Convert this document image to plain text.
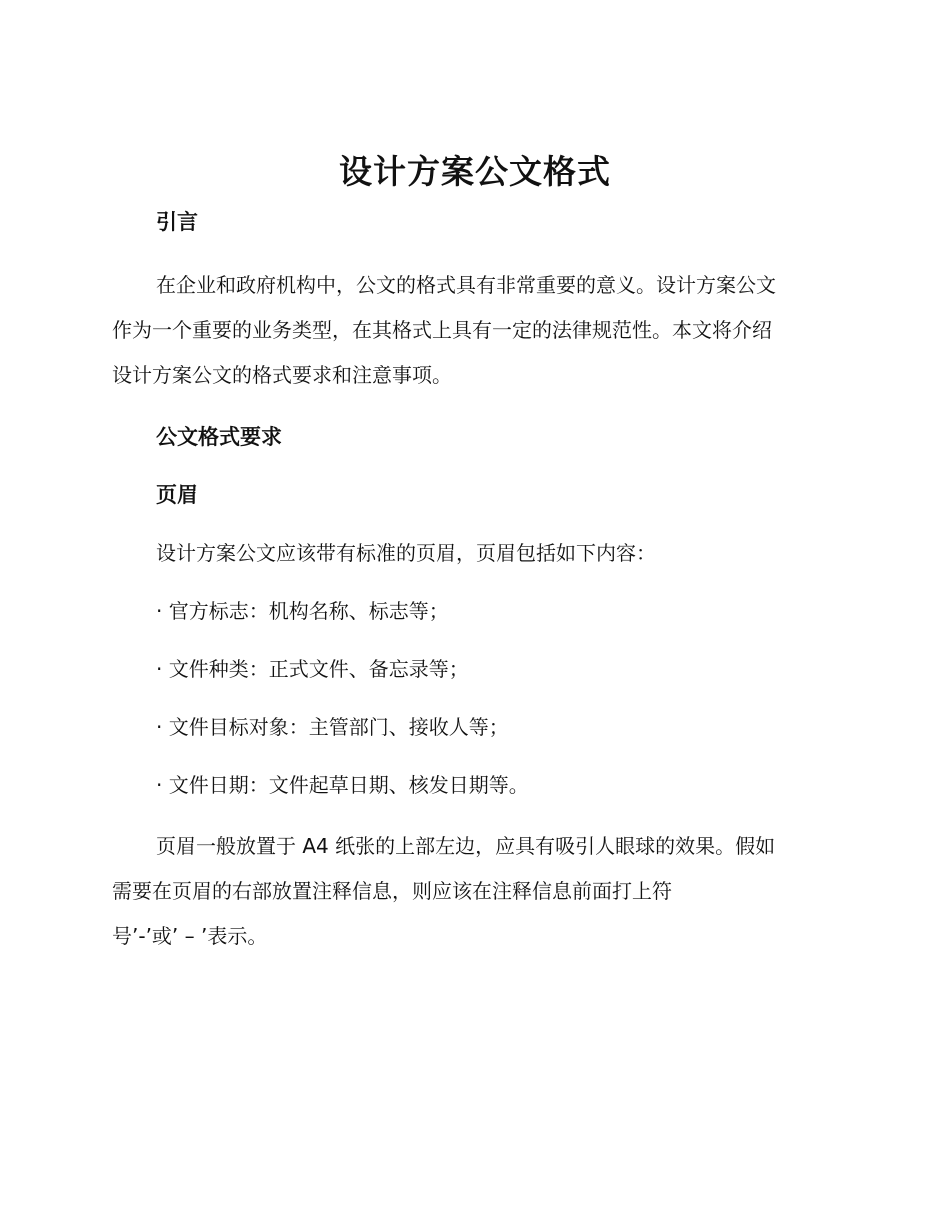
设计方案公文格式

引言

在企业和政府机构中，公文的格式具有非常重要的意义。设计方案公文

作为一个重要的业务类型，在其格式上具有一定的法律规范性。本文将介绍

设计方案公文的格式要求和注意事项。

公文格式要求

页眉

设计方案公文应该带有标准的页眉，页眉包括如下内容：

· 官方标志：机构名称、标志等；

· 文件种类：正式文件、备忘录等；

· 文件目标对象：主管部门、接收人等；

· 文件日期：文件起草日期、核发日期等。

页眉一般放置于 A4 纸张的上部左边，应具有吸引人眼球的效果。假如

需要在页眉的右部放置注释信息，则应该在注释信息前面打上符

号’-’或’ – ’表示。
